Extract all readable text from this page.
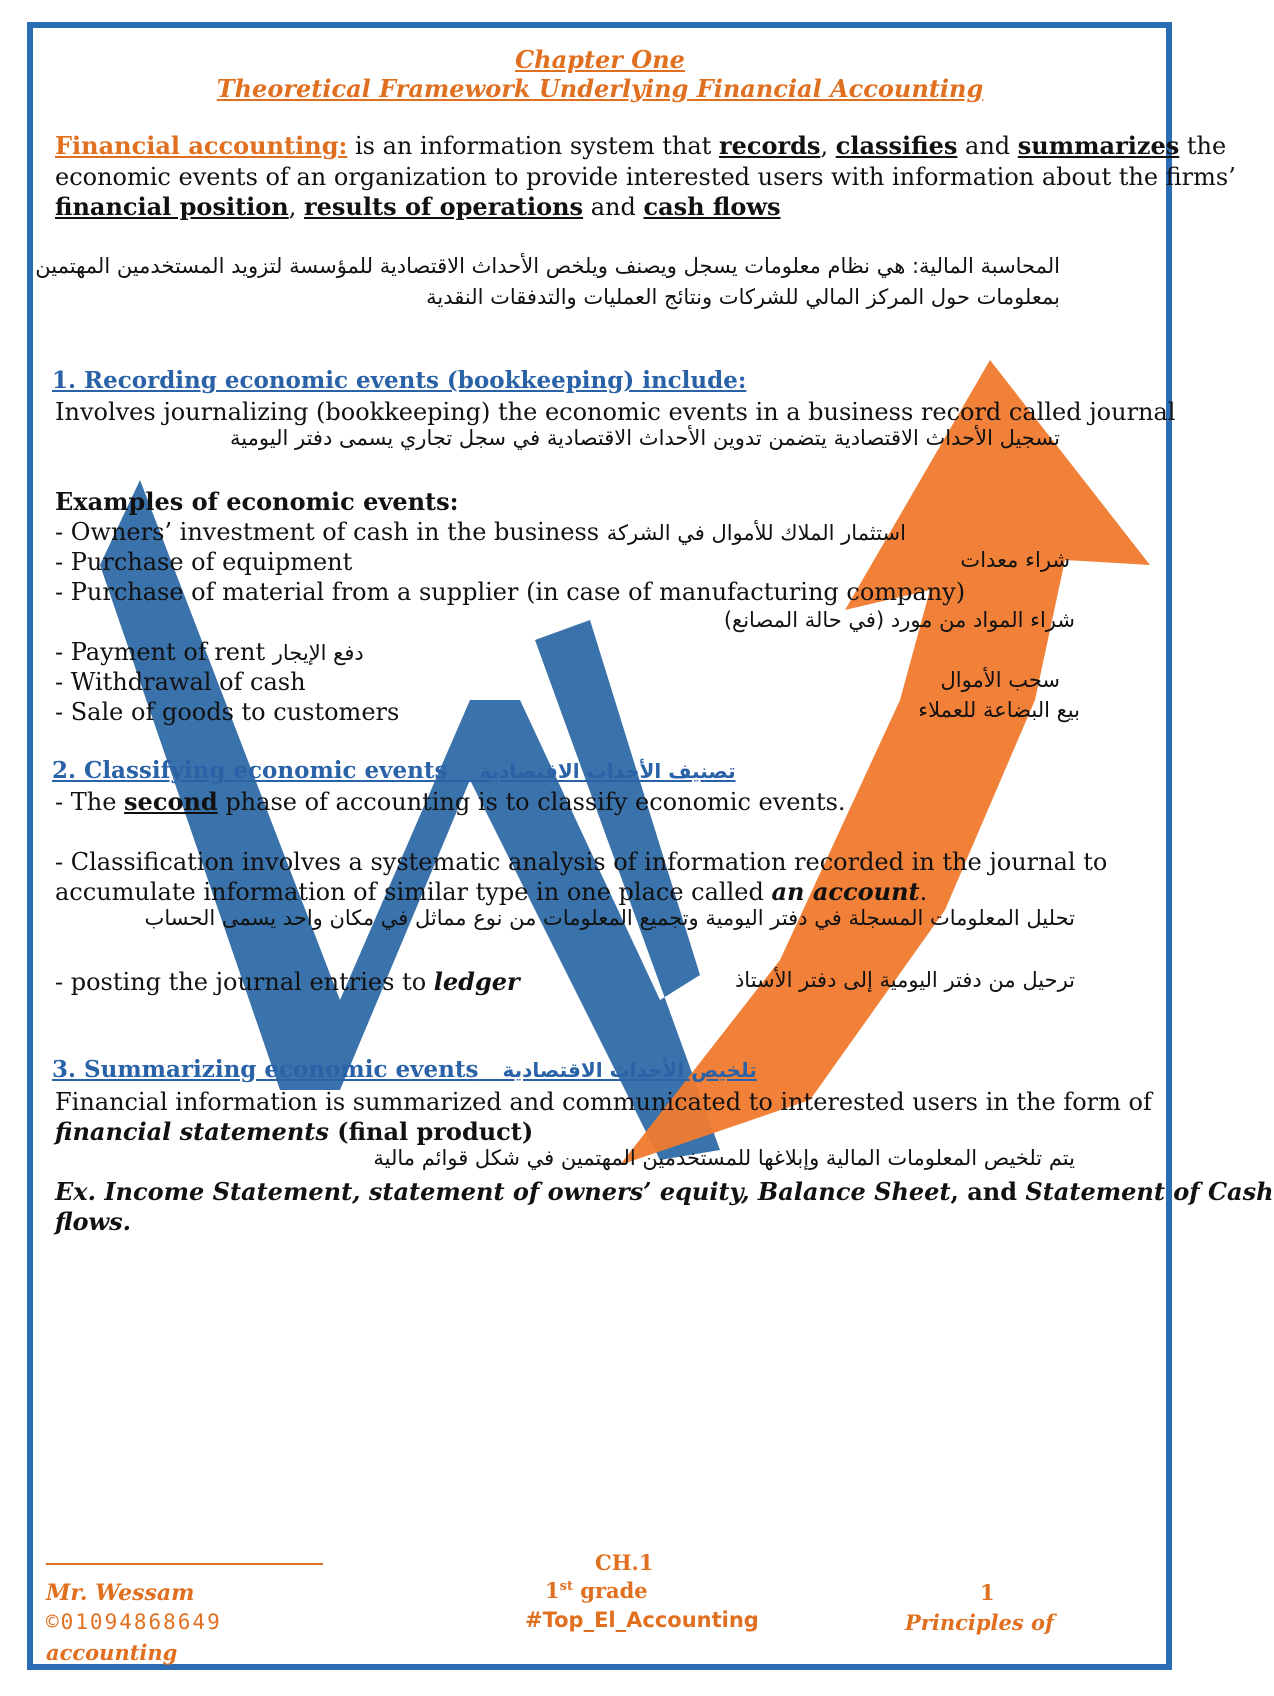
Chapter One
Theoretical Framework Underlying Financial Accounting
Financial accounting: is an information system that records, classifies and summarizes the
economic events of an organization to provide interested users with information about the firms’
financial position, results of operations and cash flows
المحاسبة المالية: هي نظام معلومات يسجل ويصنف ويلخص الأحداث الاقتصادية للمؤسسة لتزويد المستخدمين المهتمين
بمعلومات حول المركز المالي للشركات ونتائج العمليات والتدفقات النقدية
1. Recording economic events (bookkeeping) include:
Involves journalizing (bookkeeping) the economic events in a business record called journal
تسجيل الأحداث الاقتصادية يتضمن تدوين الأحداث الاقتصادية في سجل تجاري يسمى دفتر اليومية
Examples of economic events:
- Owners’ investment of cash in the business استثمار الملاك للأموال في الشركة
- Purchase of equipment	شراء معدات
- Purchase of material from a supplier (in case of manufacturing company)
شراء المواد من مورد (في حالة المصانع)
- Payment of rent دفع الإيجار
- Withdrawal of cash	سحب الأموال
- Sale of goods to customers	بيع البضاعة للعملاء
2. Classifying economic events تصنيف الأحداث الاقتصادية
- The second phase of accounting is to classify economic events.
- Classification involves a systematic analysis of information recorded in the journal to
accumulate information of similar type in one place called an account.
تحليل المعلومات المسجلة في دفتر اليومية وتجميع المعلومات من نوع مماثل في مكان واحد يسمى الحساب
- posting the journal entries to ledger	ترحيل من دفتر اليومية إلى دفتر الأستاذ
3. Summarizing economic events تلخيص الأحداث الاقتصادية
Financial information is summarized and communicated to interested users in the form of
financial statements (final product)
يتم تلخيص المعلومات المالية وإبلاغها للمستخدمين المهتمين في شكل قوائم مالية
Ex. Income Statement, statement of owners’ equity, Balance Sheet, and Statement of Cash
flows.
CH.1
Mr. Wessam	1st grade	1
©01094868649	#Top_El_Accounting	Principles of
accounting
